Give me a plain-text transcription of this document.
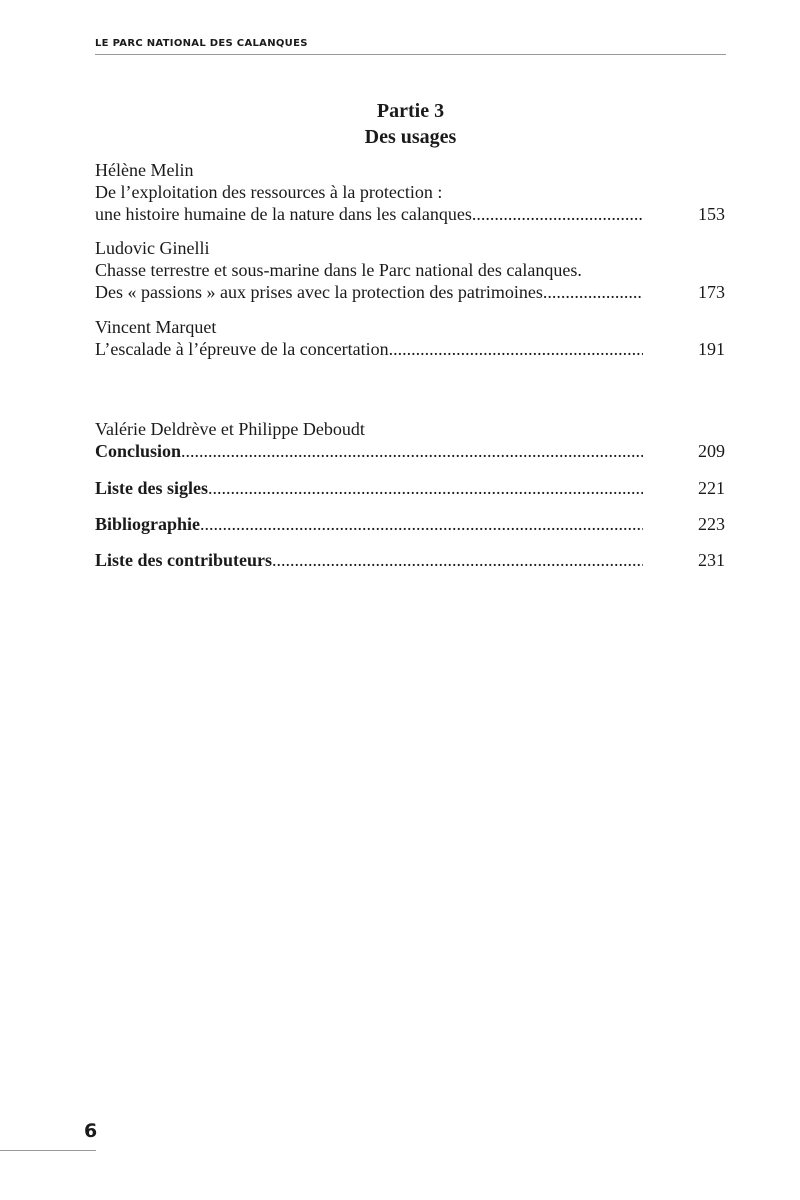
LE PARC NATIONAL DES CALANQUES
Partie 3
Des usages
Hélène Melin
De l’exploitation des ressources à la protection :
une histoire humaine de la nature dans les calanques .....	153
Ludovic Ginelli
Chasse terrestre et sous-marine dans le Parc national des calanques.
Des « passions » aux prises avec la protection des patrimoines .....	173
Vincent Marquet
L’escalade à l’épreuve de la concertation .....	191
Valérie Deldrève et Philippe Deboudt
Conclusion .....	209
Liste des sigles .....	221
Bibliographie .....	223
Liste des contributeurs .....	231
6
